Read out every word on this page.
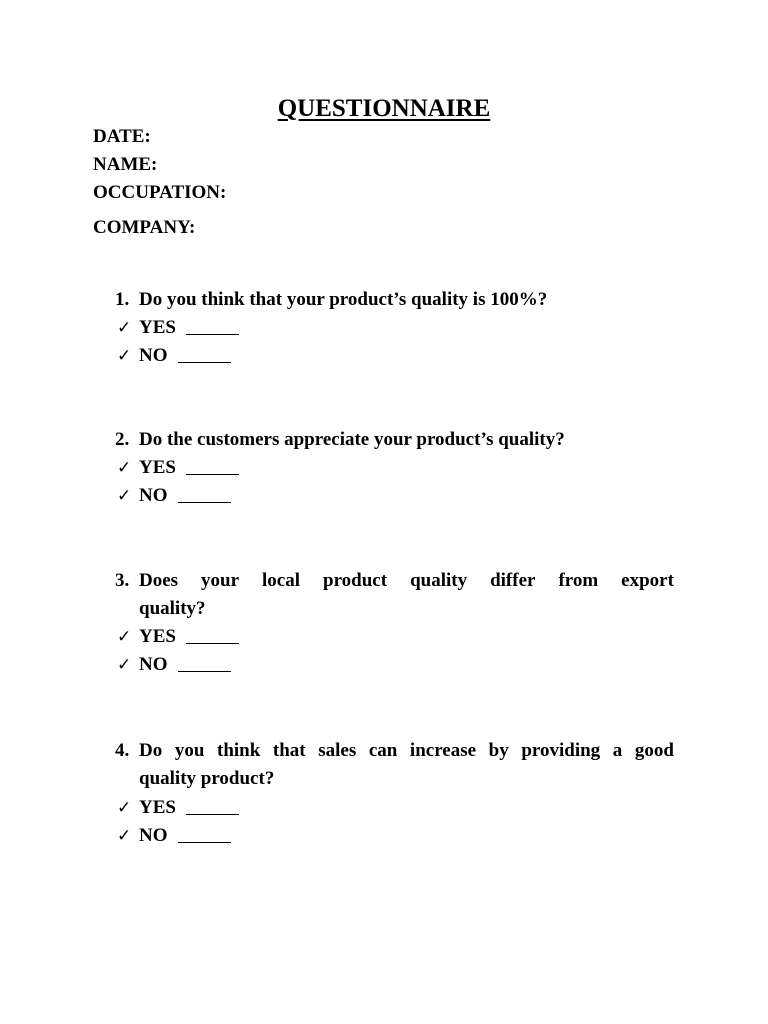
QUESTIONNAIRE
DATE:
NAME:
OCCUPATION:
COMPANY:
1. Do you think that your product’s quality is 100%?
✓ YES
✓ NO
2. Do the customers appreciate your product’s quality?
✓ YES
✓ NO
3. Does your local product quality differ from export
quality?
✓ YES
✓ NO
4. Do you think that sales can increase by providing a good
quality product?
✓ YES
✓ NO
